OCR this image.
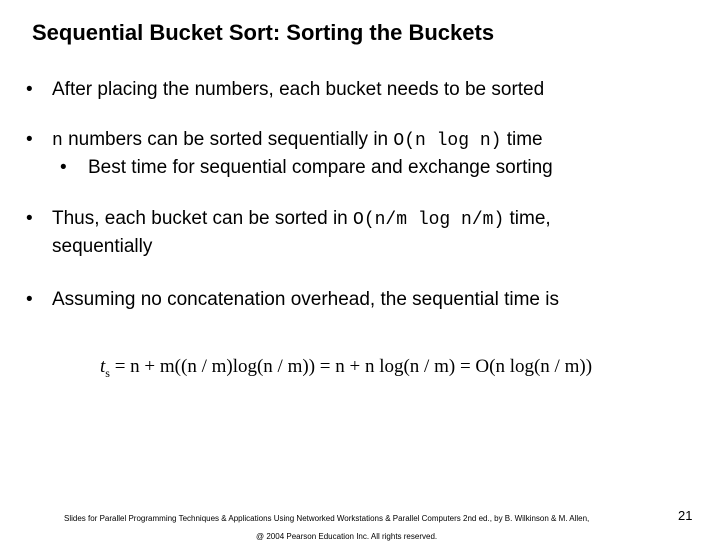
Sequential Bucket Sort: Sorting the Buckets
• After placing the numbers, each bucket needs to be sorted
• n numbers can be sorted sequentially in O(n log n) time
• Best time for sequential compare and exchange sorting
• Thus, each bucket can be sorted in O(n/m log n/m) time,
sequentially
• Assuming no concatenation overhead, the sequential time is
$t_s = n + m((n / m)\log(n / m)) = n + n$ log(n / m) = O(n log(n / m))
Slides for Parallel Programming Techniques & Applications Using Networked Workstations & Parallel Computers 2nd ed., by B. Wilkinson & M. Allen,
@ 2004 Pearson Education Inc. All rights reserved.
21
